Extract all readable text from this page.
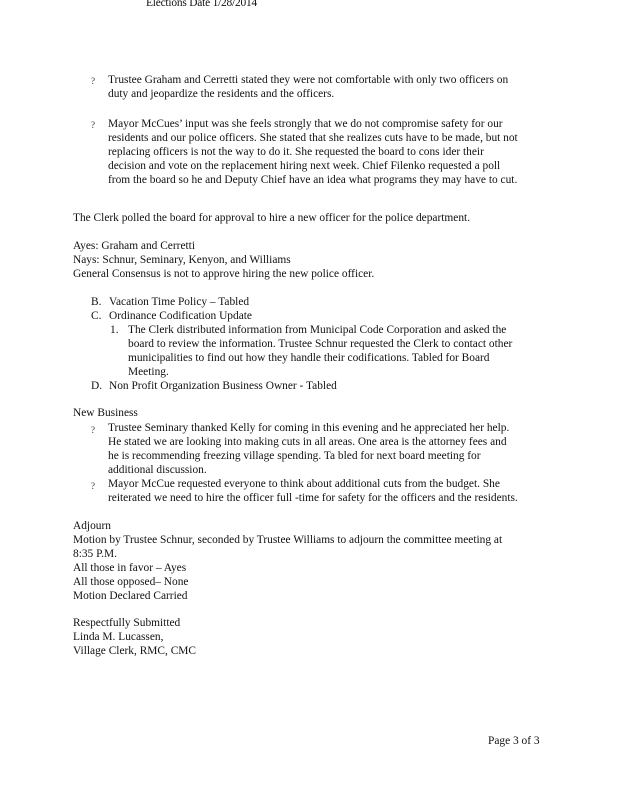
Elections Date 1/28/2014
? Trustee Graham and Cerretti stated they were not comfortable with only two officers on
duty and jeopardize the residents and the officers.
? Mayor McCues’ input was she feels strongly that we do not compromise safety for our
residents and our police officers. She stated that she realizes cuts have to be made, but not
replacing officers is not the way to do it. She requested the board to cons ider their
decision and vote on the replacement hiring next week. Chief Filenko requested a poll
from the board so he and Deputy Chief have an idea what programs they may have to cut.
The Clerk polled the board for approval to hire a new officer for the police department.
Ayes: Graham and Cerretti
Nays: Schnur, Seminary, Kenyon, and Williams
General Consensus is not to approve hiring the new police officer.
B. Vacation Time Policy – Tabled
C. Ordinance Codification Update
1. The Clerk distributed information from Municipal Code Corporation and asked the
board to review the information. Trustee Schnur requested the Clerk to contact other
municipalities to find out how they handle their codifications. Tabled for Board
Meeting.
D. Non Profit Organization Business Owner - Tabled
New Business
? Trustee Seminary thanked Kelly for coming in this evening and he appreciated her help.
He stated we are looking into making cuts in all areas. One area is the attorney fees and
he is recommending freezing village spending. Ta bled for next board meeting for
additional discussion.
? Mayor McCue requested everyone to think about additional cuts from the budget. She
reiterated we need to hire the officer full -time for safety for the officers and the residents.
Adjourn
Motion by Trustee Schnur, seconded by Trustee Williams to adjourn the committee meeting at
8:35 P.M.
All those in favor – Ayes
All those opposed– None
Motion Declared Carried
Respectfully Submitted
Linda M. Lucassen,
Village Clerk, RMC, CMC
Page 3 of 3
